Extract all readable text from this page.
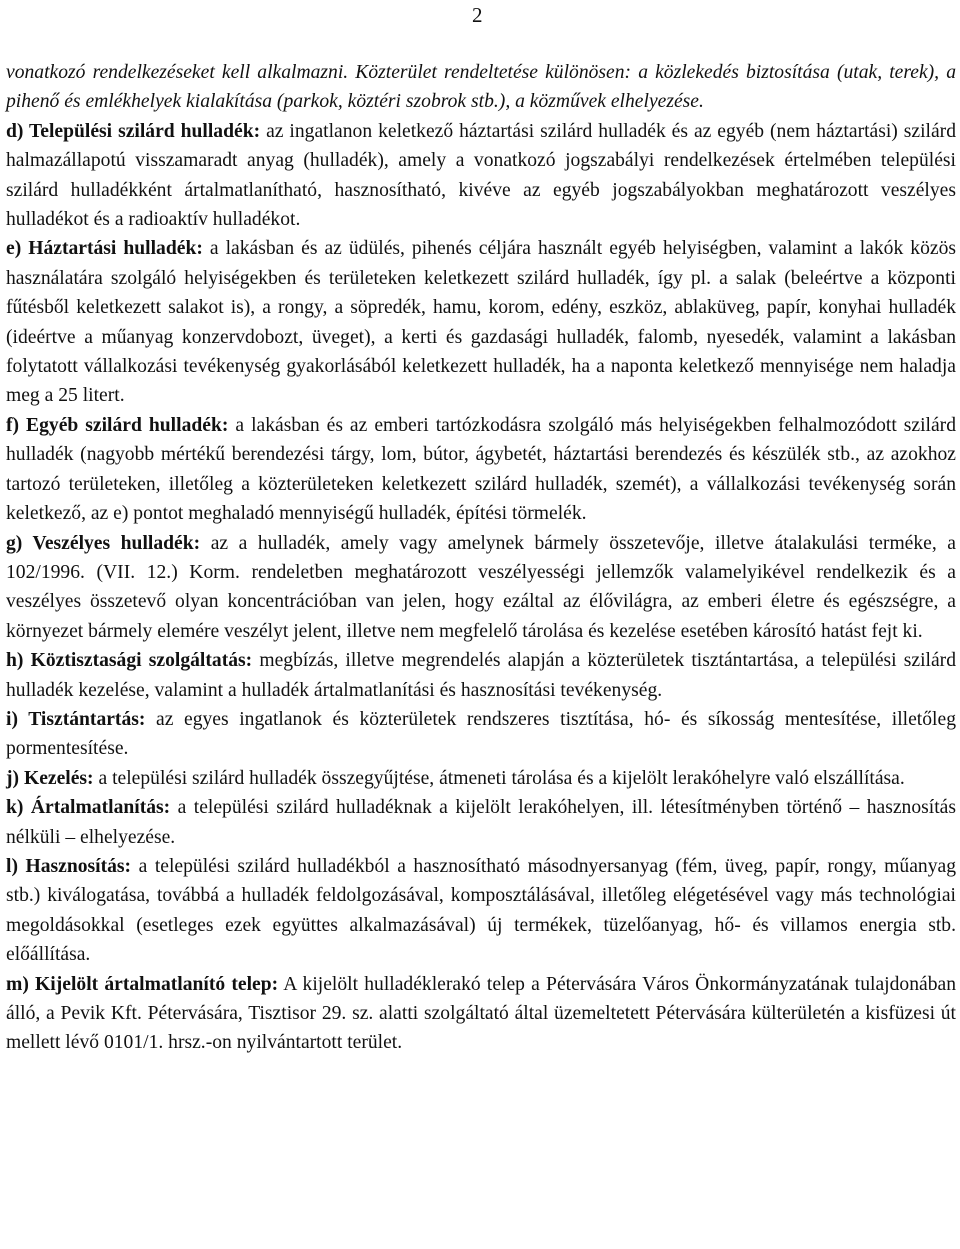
2

vonatkozó rendelkezéseket kell alkalmazni. Közterület rendeltetése különösen: a közlekedés biztosítása (utak, terek), a pihenő és emlékhelyek kialakítása (parkok, köztéri szobrok stb.), a közművek elhelyezése.

d) Települési szilárd hulladék: az ingatlanon keletkező háztartási szilárd hulladék és az egyéb (nem háztartási) szilárd halmazállapotú visszamaradt anyag (hulladék), amely a vonatkozó jogszabályi rendelkezések értelmében települési szilárd hulladékként ártalmatlanítható, hasznosítható, kivéve az egyéb jogszabályokban meghatározott veszélyes hulladékot és a radioaktív hulladékot.

e) Háztartási hulladék: a lakásban és az üdülés, pihenés céljára használt egyéb helyiségben, valamint a lakók közös használatára szolgáló helyiségekben és területeken keletkezett szilárd hulladék, így pl. a salak (beleértve a központi fűtésből keletkezett salakot is), a rongy, a söpredék, hamu, korom, edény, eszköz, ablaküveg, papír, konyhai hulladék (ideértve a műanyag konzervdobozt, üveget), a kerti és gazdasági hulladék, falomb, nyesedék, valamint a lakásban folytatott vállalkozási tevékenység gyakorlásából keletkezett hulladék, ha a naponta keletkező mennyisége nem haladja meg a 25 litert.

f) Egyéb szilárd hulladék: a lakásban és az emberi tartózkodásra szolgáló más helyiségekben felhalmozódott szilárd hulladék (nagyobb mértékű berendezési tárgy, lom, bútor, ágybetét, háztartási berendezés és készülék stb., az azokhoz tartozó területeken, illetőleg a közterületeken keletkezett szilárd hulladék, szemét), a vállalkozási tevékenység során keletkező, az e) pontot meghaladó mennyiségű hulladék, építési törmelék.

g) Veszélyes hulladék: az a hulladék, amely vagy amelynek bármely összetevője, illetve átalakulási terméke, a 102/1996. (VII. 12.) Korm. rendeletben meghatározott veszélyességi jellemzők valamelyikével rendelkezik és a veszélyes összetevő olyan koncentrációban van jelen, hogy ezáltal az élővilágra, az emberi életre és egészségre, a környezet bármely elemére veszélyt jelent, illetve nem megfelelő tárolása és kezelése esetében károsító hatást fejt ki.

h) Köztisztasági szolgáltatás: megbízás, illetve megrendelés alapján a közterületek tisztántartása, a települési szilárd hulladék kezelése, valamint a hulladék ártalmatlanítási és hasznosítási tevékenység.

i) Tisztántartás: az egyes ingatlanok és közterületek rendszeres tisztítása, hó- és síkosság mentesítése, illetőleg pormentesítése.

j) Kezelés: a települési szilárd hulladék összegyűjtése, átmeneti tárolása és a kijelölt lerakóhelyre való elszállítása.

k) Ártalmatlanítás: a települési szilárd hulladéknak a kijelölt lerakóhelyen, ill. létesítményben történő – hasznosítás nélküli – elhelyezése.

l) Hasznosítás: a települési szilárd hulladékból a hasznosítható másodnyersanyag (fém, üveg, papír, rongy, műanyag stb.) kiválogatása, továbbá a hulladék feldolgozásával, komposztálásával, illetőleg elégetésével vagy más technológiai megoldásokkal (esetleges ezek együttes alkalmazásával) új termékek, tüzelőanyag, hő- és villamos energia stb. előállítása.

m) Kijelölt ártalmatlanító telep: A kijelölt hulladéklerakó telep a Pétervására Város Önkormányzatának tulajdonában álló, a Pevik Kft. Pétervására, Tisztisor 29. sz. alatti szolgáltató által üzemeltetett Pétervására külterületén a kisfüzesi út mellett lévő 0101/1. hrsz.-on nyilvántartott terület.
